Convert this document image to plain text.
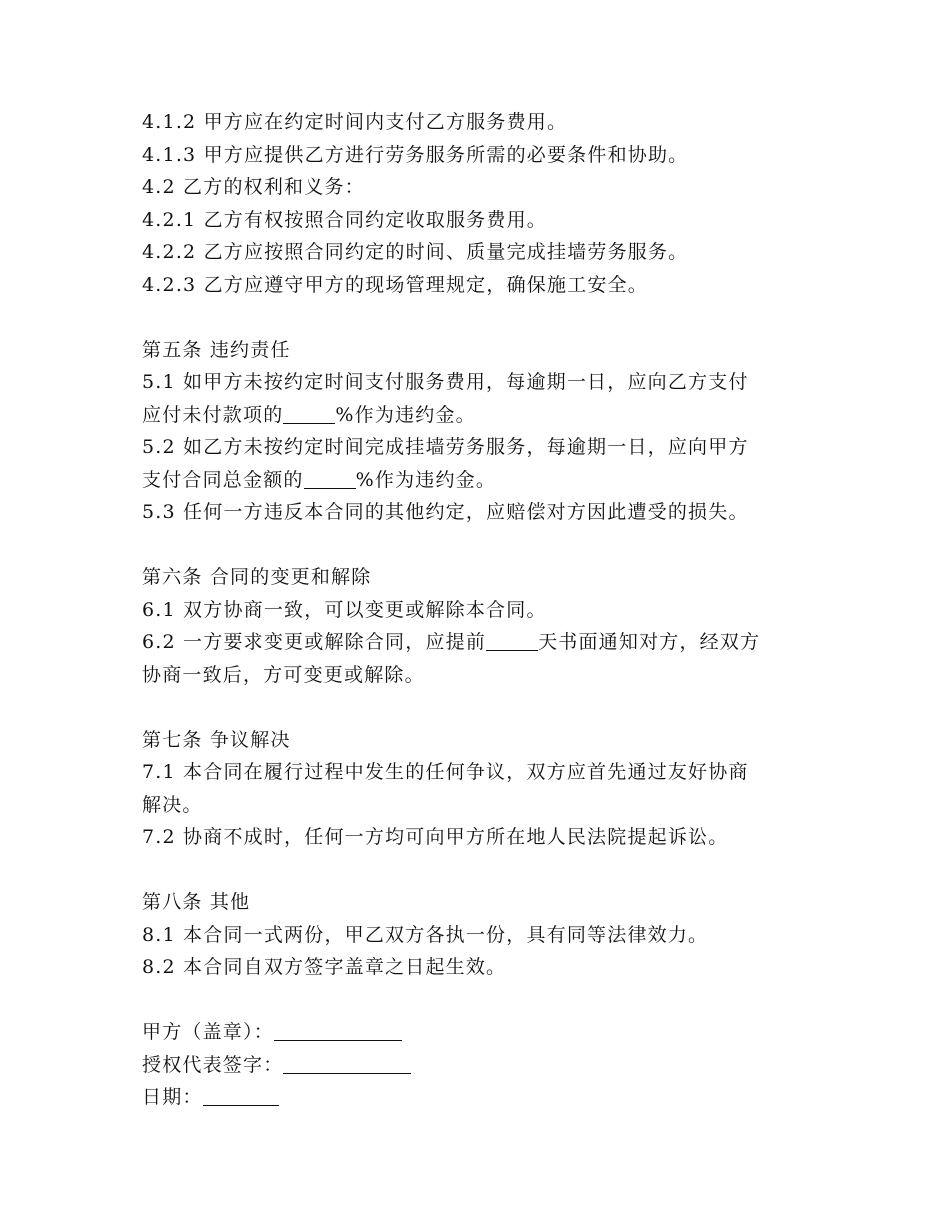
4.1.2 甲方应在约定时间内支付乙方服务费用。
4.1.3 甲方应提供乙方进行劳务服务所需的必要条件和协助。
4.2 乙方的权利和义务：
4.2.1 乙方有权按照合同约定收取服务费用。
4.2.2 乙方应按照合同约定的时间、质量完成挂墙劳务服务。
4.2.3 乙方应遵守甲方的现场管理规定，确保施工安全。
第五条 违约责任
5.1 如甲方未按约定时间支付服务费用，每逾期一日，应向乙方支付
应付未付款项的	%作为违约金。
5.2 如乙方未按约定时间完成挂墙劳务服务，每逾期一日，应向甲方
支付合同总金额的	%作为违约金。
5.3 任何一方违反本合同的其他约定，应赔偿对方因此遭受的损失。
第六条 合同的变更和解除
6.1 双方协商一致，可以变更或解除本合同。
6.2 一方要求变更或解除合同，应提前	天书面通知对方，经双方
协商一致后，方可变更或解除。
第七条 争议解决
7.1 本合同在履行过程中发生的任何争议，双方应首先通过友好协商
解决。
7.2 协商不成时，任何一方均可向甲方所在地人民法院提起诉讼。
第八条 其他
8.1 本合同一式两份，甲乙双方各执一份，具有同等法律效力。
8.2 本合同自双方签字盖章之日起生效。
甲方（盖章）：
授权代表签字：
日期：
